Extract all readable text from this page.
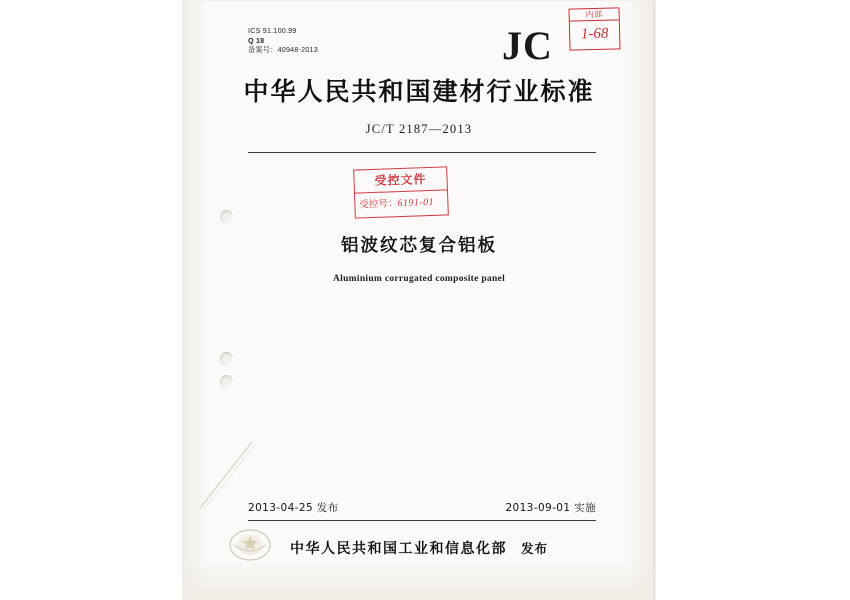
ICS 91.100.99
Q 18
备案号：40948-2013	JC
内部
1-68
中华人民共和国建材行业标准
JC/T 2187—2013
受控文件
受控号：6191-01
铝波纹芯复合铝板
Aluminium corrugated composite panel
2013-04-25 发布	2013-09-01 实施
中华人民共和国工业和信息化部 发布
